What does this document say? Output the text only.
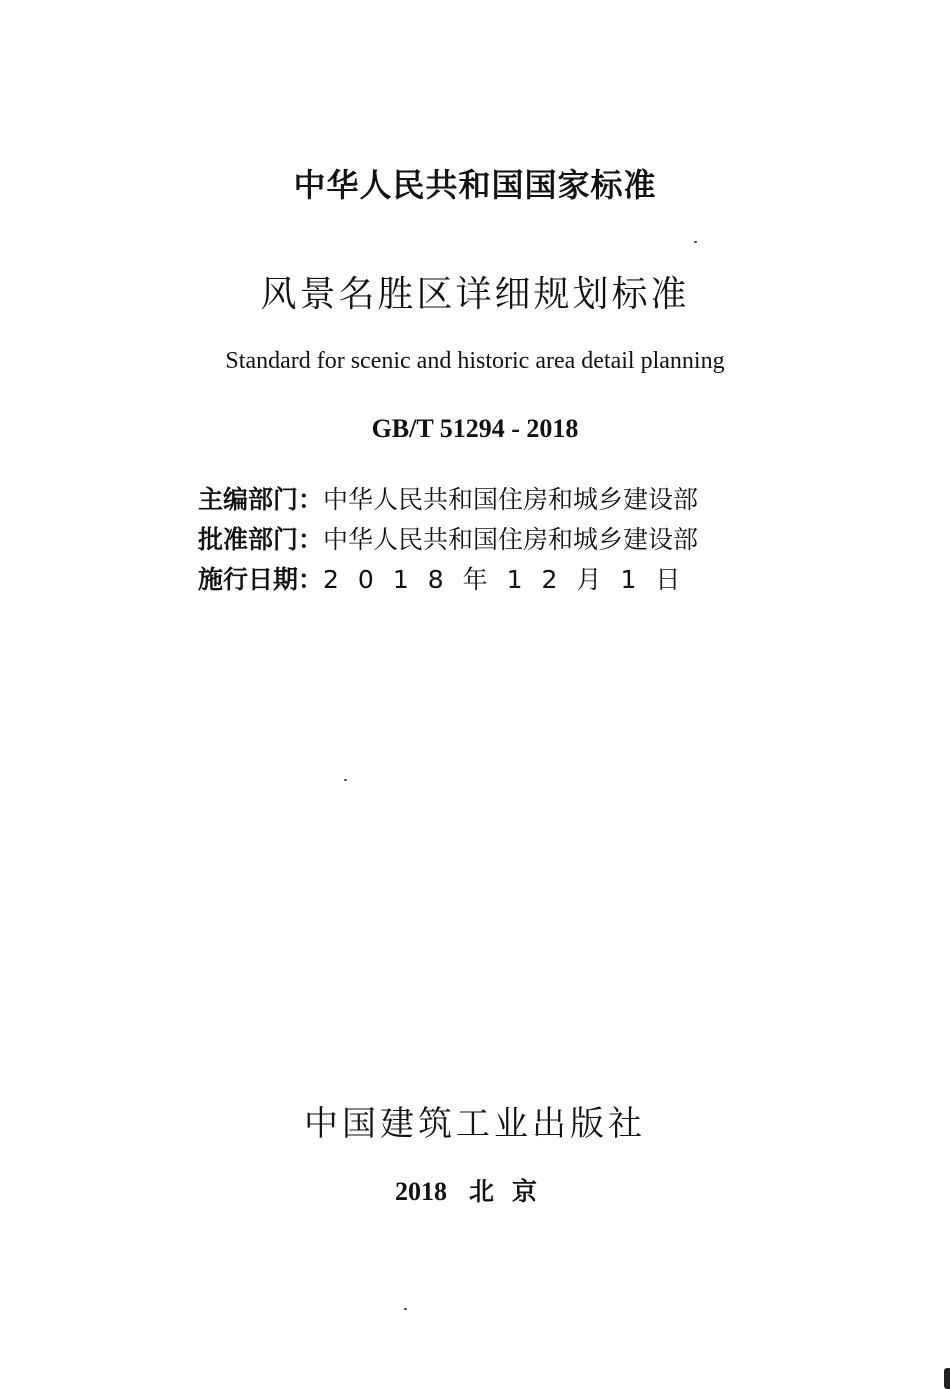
中华人民共和国国家标准
风景名胜区详细规划标准
Standard for scenic and historic area detail planning
GB/T 51294 - 2018
主编部门：中华人民共和国住房和城乡建设部
批准部门：中华人民共和国住房和城乡建设部
施行日期：2018年12月1日
中国建筑工业出版社
2018 北京
